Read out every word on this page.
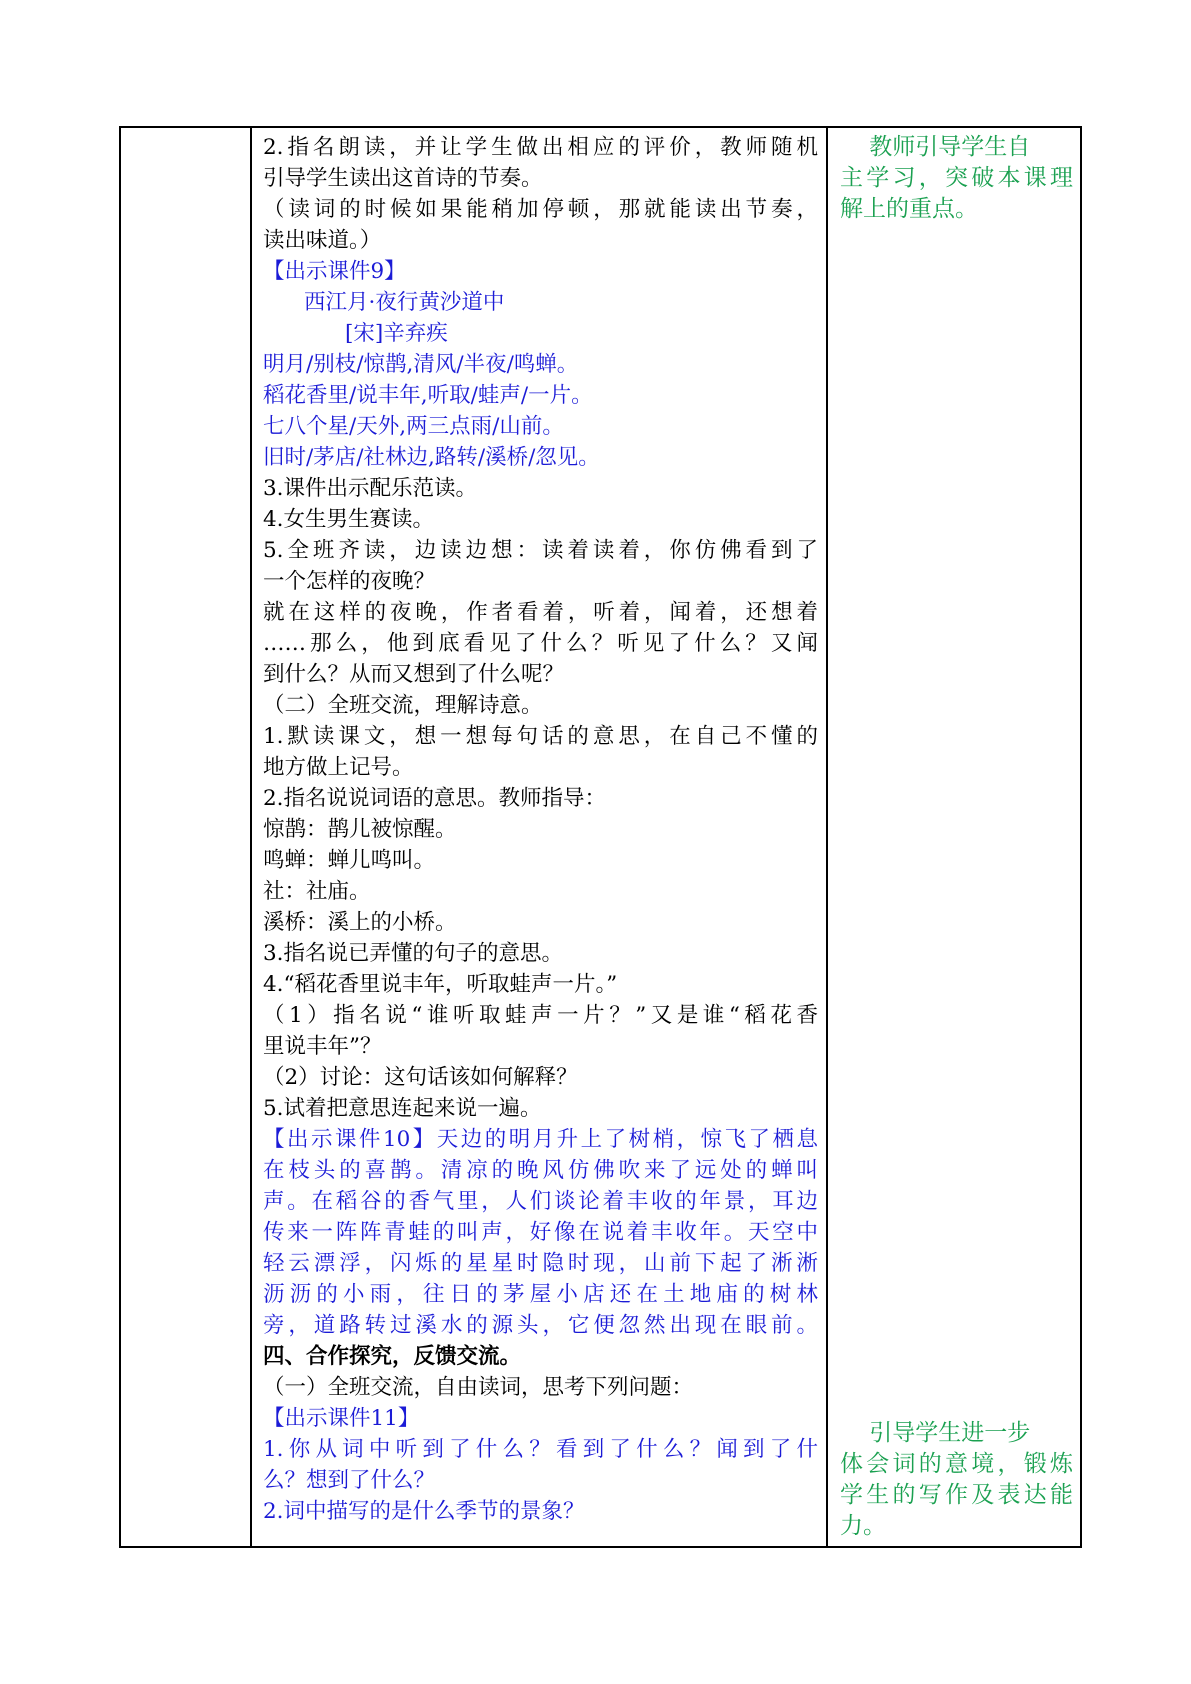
2.指名朗读，并让学生做出相应的评价，教师随机
引导学生读出这首诗的节奏。
（读词的时候如果能稍加停顿，那就能读出节奏，
读出味道。）
【出示课件9】
西江月·夜行黄沙道中
[宋]辛弃疾
明月/别枝/惊鹊,清风/半夜/鸣蝉。
稻花香里/说丰年,听取/蛙声/一片。
七八个星/天外,两三点雨/山前。
旧时/茅店/社林边,路转/溪桥/忽见。
3.课件出示配乐范读。
4.女生男生赛读。
5.全班齐读，边读边想：读着读着，你仿佛看到了
一个怎样的夜晚？
就在这样的夜晚，作者看着，听着，闻着，还想着
……那么，他到底看见了什么？听见了什么？又闻
到什么？从而又想到了什么呢？
（二）全班交流，理解诗意。
1.默读课文，想一想每句话的意思，在自己不懂的
地方做上记号。
2.指名说说词语的意思。教师指导：
惊鹊：鹊儿被惊醒。
鸣蝉：蝉儿鸣叫。
社：社庙。
溪桥：溪上的小桥。
3.指名说已弄懂的句子的意思。
4.“稻花香里说丰年，听取蛙声一片。”
（1）指名说“谁听取蛙声一片？”又是谁“稻花香
里说丰年”？
（2）讨论：这句话该如何解释？
5.试着把意思连起来说一遍。
【出示课件10】天边的明月升上了树梢，惊飞了栖息
在枝头的喜鹊。清凉的晚风仿佛吹来了远处的蝉叫
声。在稻谷的香气里，人们谈论着丰收的年景，耳边
传来一阵阵青蛙的叫声，好像在说着丰收年。天空中
轻云漂浮，闪烁的星星时隐时现，山前下起了淅淅
沥沥的小雨，往日的茅屋小店还在土地庙的树林
旁，道路转过溪水的源头，它便忽然出现在眼前。
四、合作探究，反馈交流。
（一）全班交流，自由读词，思考下列问题：
【出示课件11】
1.你从词中听到了什么？看到了什么？闻到了什
么？想到了什么？
2.词中描写的是什么季节的景象？
教师引导学生自
主学习，突破本课理
解上的重点。
引导学生进一步
体会词的意境，锻炼
学生的写作及表达能
力。
